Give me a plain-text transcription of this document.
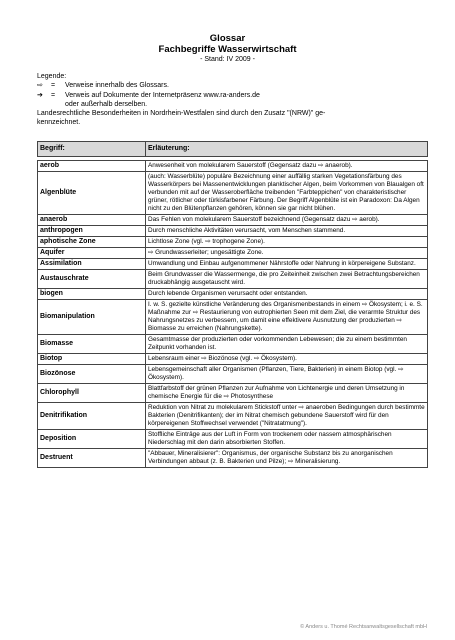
Glossar
Fachbegriffe Wasserwirtschaft
- Stand: IV 2009 -
Legende:
⇨ = Verweise innerhalb des Glossars.
➔ = Verweis auf Dokumente der Internetpräsenz www.ra-anders.de
oder außerhalb derselben.
Landesrechtliche Besonderheiten in Nordrhein-Westfalen sind durch den Zusatz "(NRW)" ge-
kennzeichnet.
Begriff:	Erläuterung:

aerob	Anwesenheit von molekularem Sauerstoff (Gegensatz dazu ⇨ anaerob).
Algenblüte	(auch: Wasserblüte) populäre Bezeichnung einer auffällig starken Vegetationsfärbung des Wasserkörpers bei Massenentwicklungen planktischer Algen, beim Vorkommen von Blaualgen oft verbunden mit auf der Wasseroberfläche treibenden "Farbteppichen" von charakteristischer grüner, rötlicher oder türkisfarbener Färbung. Der Begriff Algenblüte ist ein Paradoxon: Da Algen nicht zu den Blütenpflanzen gehören, können sie gar nicht blühen.
anaerob	Das Fehlen von molekularem Sauerstoff bezeichnend (Gegensatz dazu ⇨ aerob).
anthropogen	Durch menschliche Aktivitäten verursacht, vom Menschen stammend.
aphotische Zone	Lichtlose Zone (vgl. ⇨ trophogene Zone).
Aquifer	⇨ Grundwasserleiter; ungesättigte Zone.
Assimilation	Umwandlung und Einbau aufgenommener Nährstoffe oder Nahrung in körpereigene Substanz.
Austauschrate	Beim Grundwasser die Wassermenge, die pro Zeiteinheit zwischen zwei Betrachtungsbereichen druckabhängig ausgetauscht wird.
biogen	Durch lebende Organismen verursacht oder entstanden.
Biomanipulation	I. w. S. gezielte künstliche Veränderung des Organismenbestands in einem ⇨ Ökosystem; i. e. S. Maßnahme zur ⇨ Restaurierung von eutrophierten Seen mit dem Ziel, die verarmte Struktur des Nahrungsnetzes zu verbessern, um damit eine effektivere Ausnutzung der produzierten ⇨ Biomasse zu erreichen (Nahrungskette).
Biomasse	Gesamtmasse der produzierten oder vorkommenden Lebewesen; die zu einem bestimmten Zeitpunkt vorhanden ist.
Biotop	Lebensraum einer ⇨ Biozönose (vgl. ⇨ Ökosystem).
Biozönose	Lebensgemeinschaft aller Organismen (Pflanzen, Tiere, Bakterien) in einem Biotop (vgl. ⇨ Ökosystem).
Chlorophyll	Blattfarbstoff der grünen Pflanzen zur Aufnahme von Lichtenergie und deren Umsetzung in chemische Energie für die ⇨ Photosynthese
Denitrifikation	Reduktion von Nitrat zu molekularem Stickstoff unter ⇨ anaeroben Bedingungen durch bestimmte Bakterien (Denitrifikanten); der im Nitrat chemisch gebundene Sauerstoff wird für den körpereigenen Stoffwechsel verwendet ("Nitratatmung").
Deposition	Stoffliche Einträge aus der Luft in Form von trockenem oder nassem atmosphärischen Niederschlag mit den darin absorbierten Stoffen.
Destruent	"Abbauer, Mineralisierer": Organismus, der organische Substanz bis zu anorganischen Verbindungen abbaut (z. B. Bakterien und Pilze); ⇨ Mineralisierung.
© Anders u. Thomé Rechtsanwaltsgesellschaft mbH
